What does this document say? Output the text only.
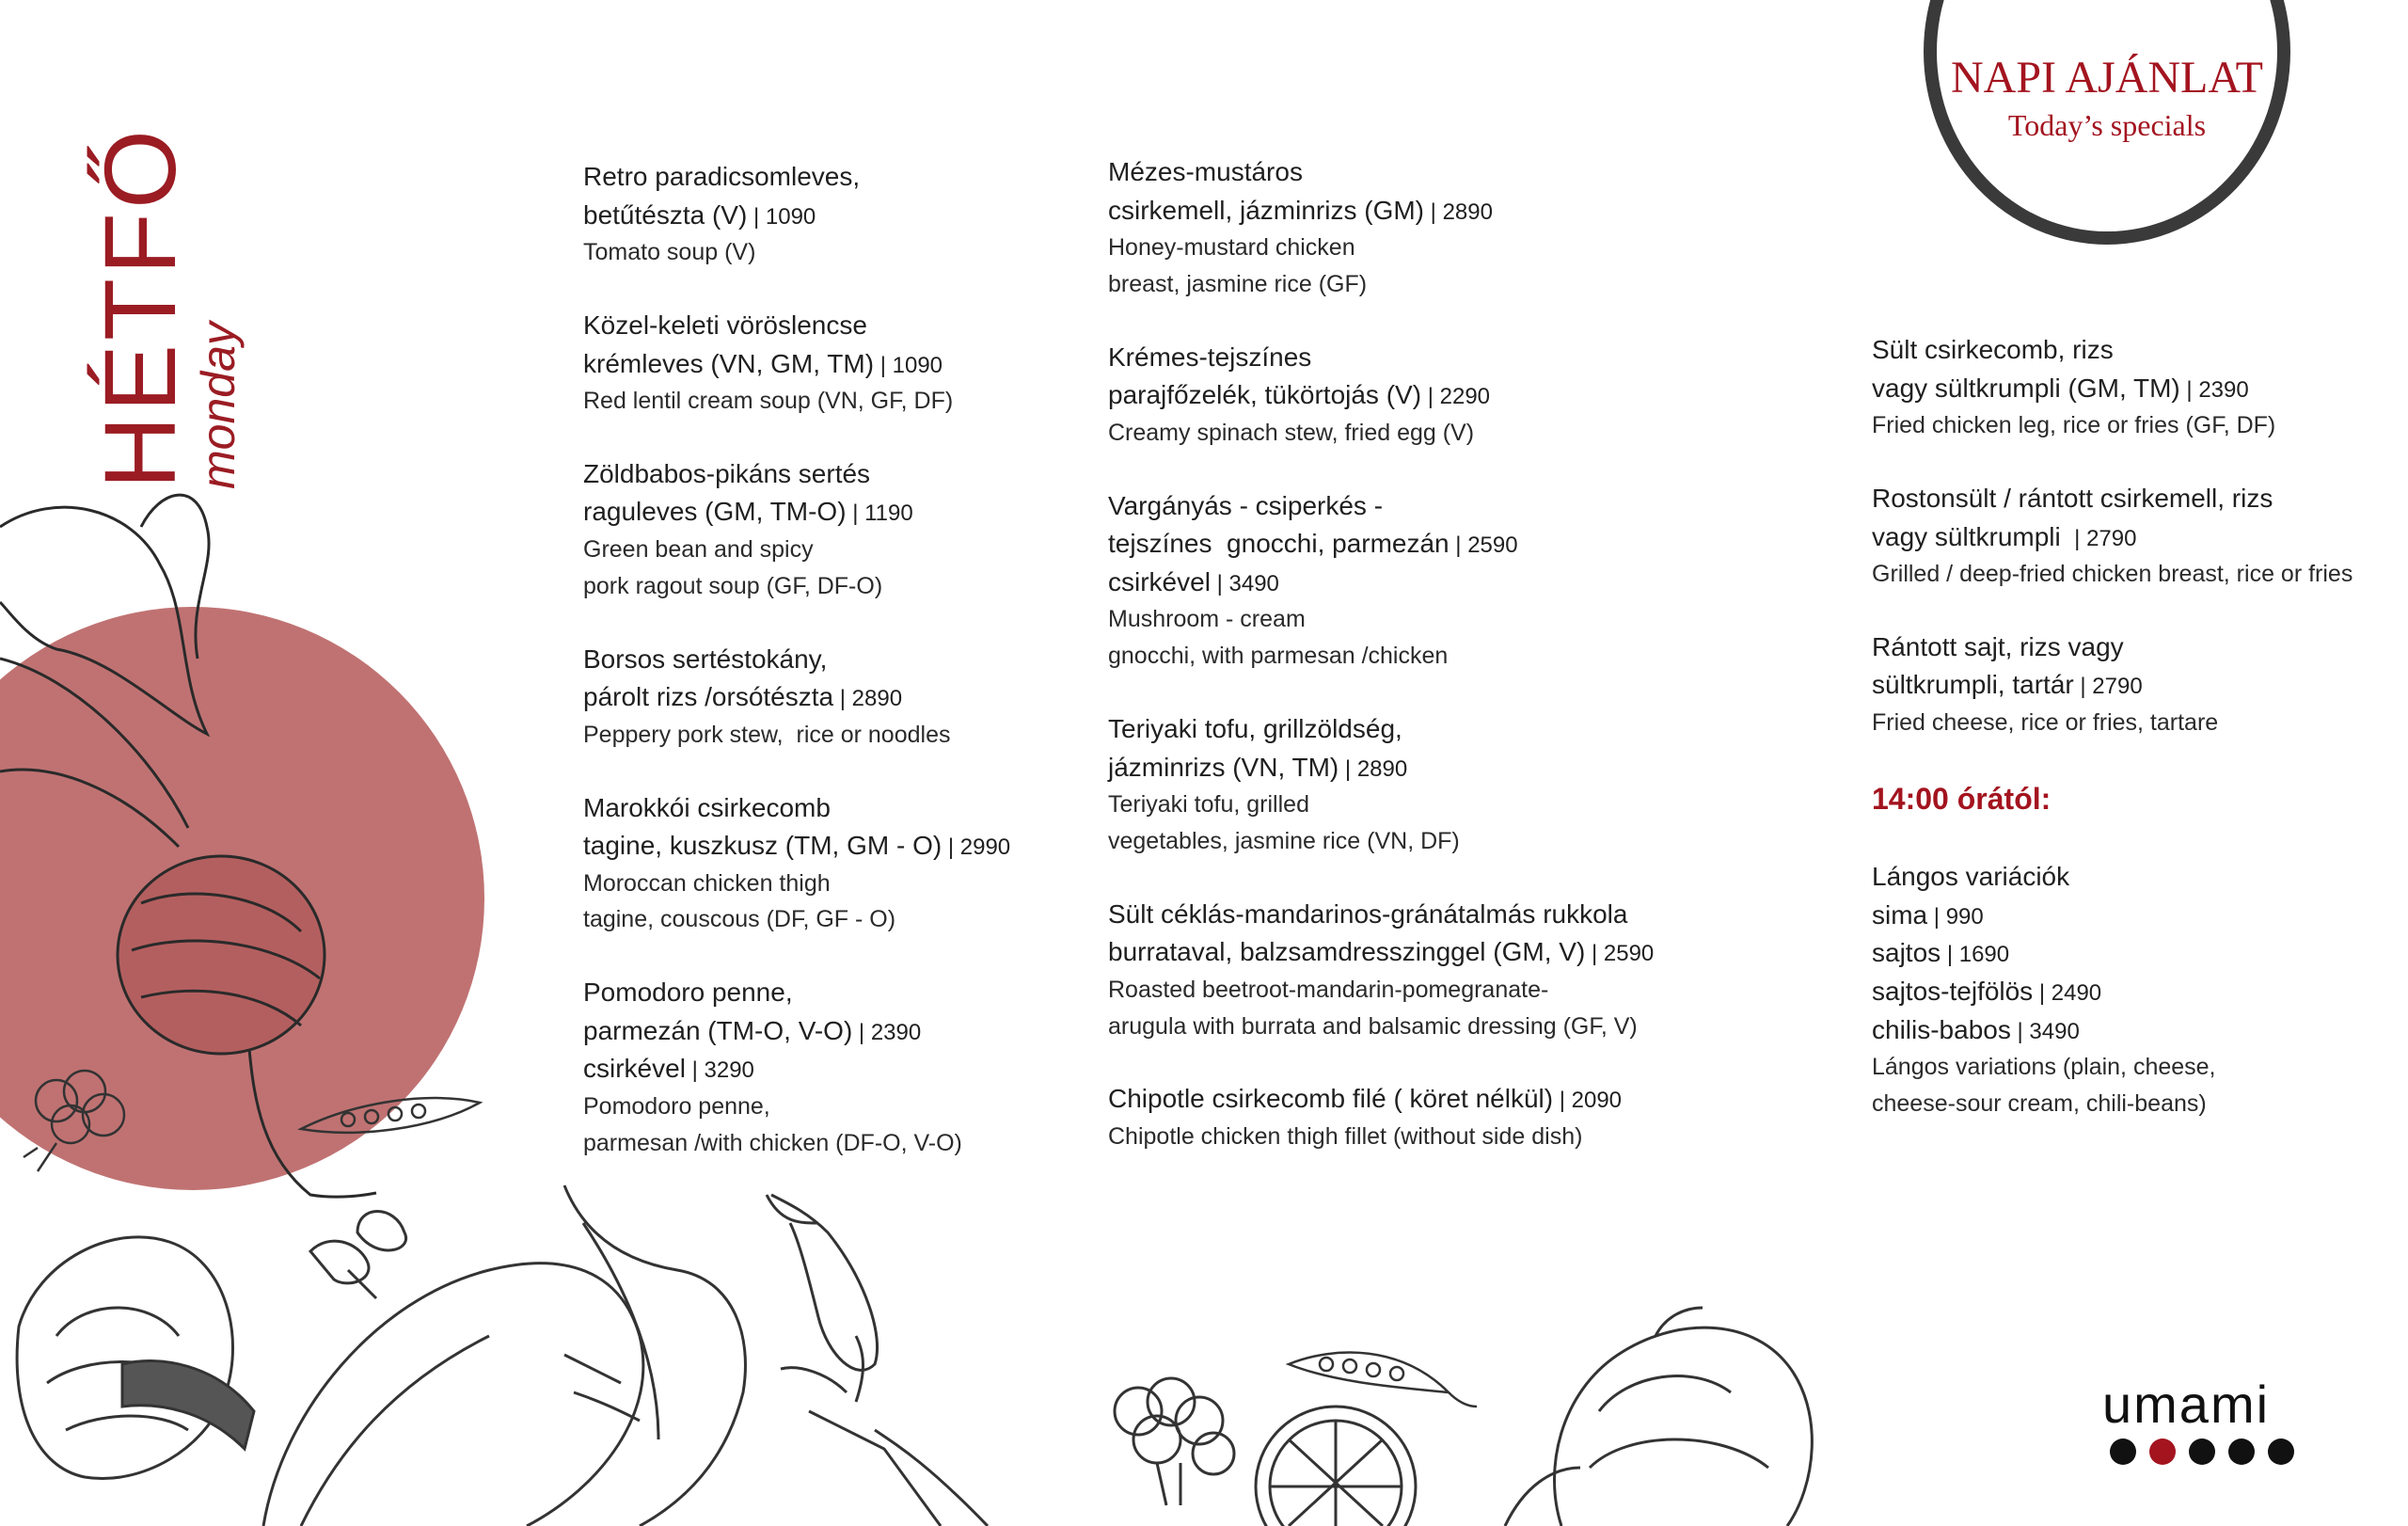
HÉTFŐ
monday
NAPI AJÁNLAT
Today’s specials
Retro paradicsomleves,
betűtészta (V) | 1090
Tomato soup (V)
Közel-keleti vöröslencse
krémleves (VN, GM, TM) | 1090
Red lentil cream soup (VN, GF, DF)
Zöldbabos-pikáns sertés
raguleves (GM, TM-O) | 1190
Green bean and spicy
pork ragout soup (GF, DF-O)
Borsos sertéstokány,
párolt rizs /orsótészta | 2890
Peppery pork stew,  rice or noodles
Marokkói csirkecomb
tagine, kuszkusz (TM, GM - O) | 2990
Moroccan chicken thigh
tagine, couscous (DF, GF - O)
Pomodoro penne,
parmezán (TM-O, V-O) | 2390
csirkével | 3290
Pomodoro penne,
parmesan /with chicken (DF-O, V-O)
Mézes-mustáros
csirkemell, jázminrizs (GM) | 2890
Honey-mustard chicken
breast, jasmine rice (GF)
Krémes-tejszínes
parajfőzelék, tükörtojás (V) | 2290
Creamy spinach stew, fried egg (V)
Vargányás - csiperkés -
tejszínes  gnocchi, parmezán | 2590
csirkével | 3490
Mushroom - cream
gnocchi, with parmesan /chicken
Teriyaki tofu, grillzöldség,
jázminrizs (VN, TM) | 2890
Teriyaki tofu, grilled
vegetables, jasmine rice (VN, DF)
Sült céklás-mandarinos-gránátalmás rukkola
burrataval, balzsamdresszinggel (GM, V) | 2590
Roasted beetroot-mandarin-pomegranate-
arugula with burrata and balsamic dressing (GF, V)
Chipotle csirkecomb filé ( köret nélkül) | 2090
Chipotle chicken thigh fillet (without side dish)
Sült csirkecomb, rizs
vagy sültkrumpli (GM, TM) | 2390
Fried chicken leg, rice or fries (GF, DF)
Rostonsült / rántott csirkemell, rizs
vagy sültkrumpli  | 2790
Grilled / deep-fried chicken breast, rice or fries
Rántott sajt, rizs vagy
sültkrumpli, tartár | 2790
Fried cheese, rice or fries, tartare
14:00 órától:
Lángos variációk
sima | 990
sajtos | 1690
sajtos-tejfölös | 2490
chilis-babos | 3490
Lángos variations (plain, cheese,
cheese-sour cream, chili-beans)
umami
